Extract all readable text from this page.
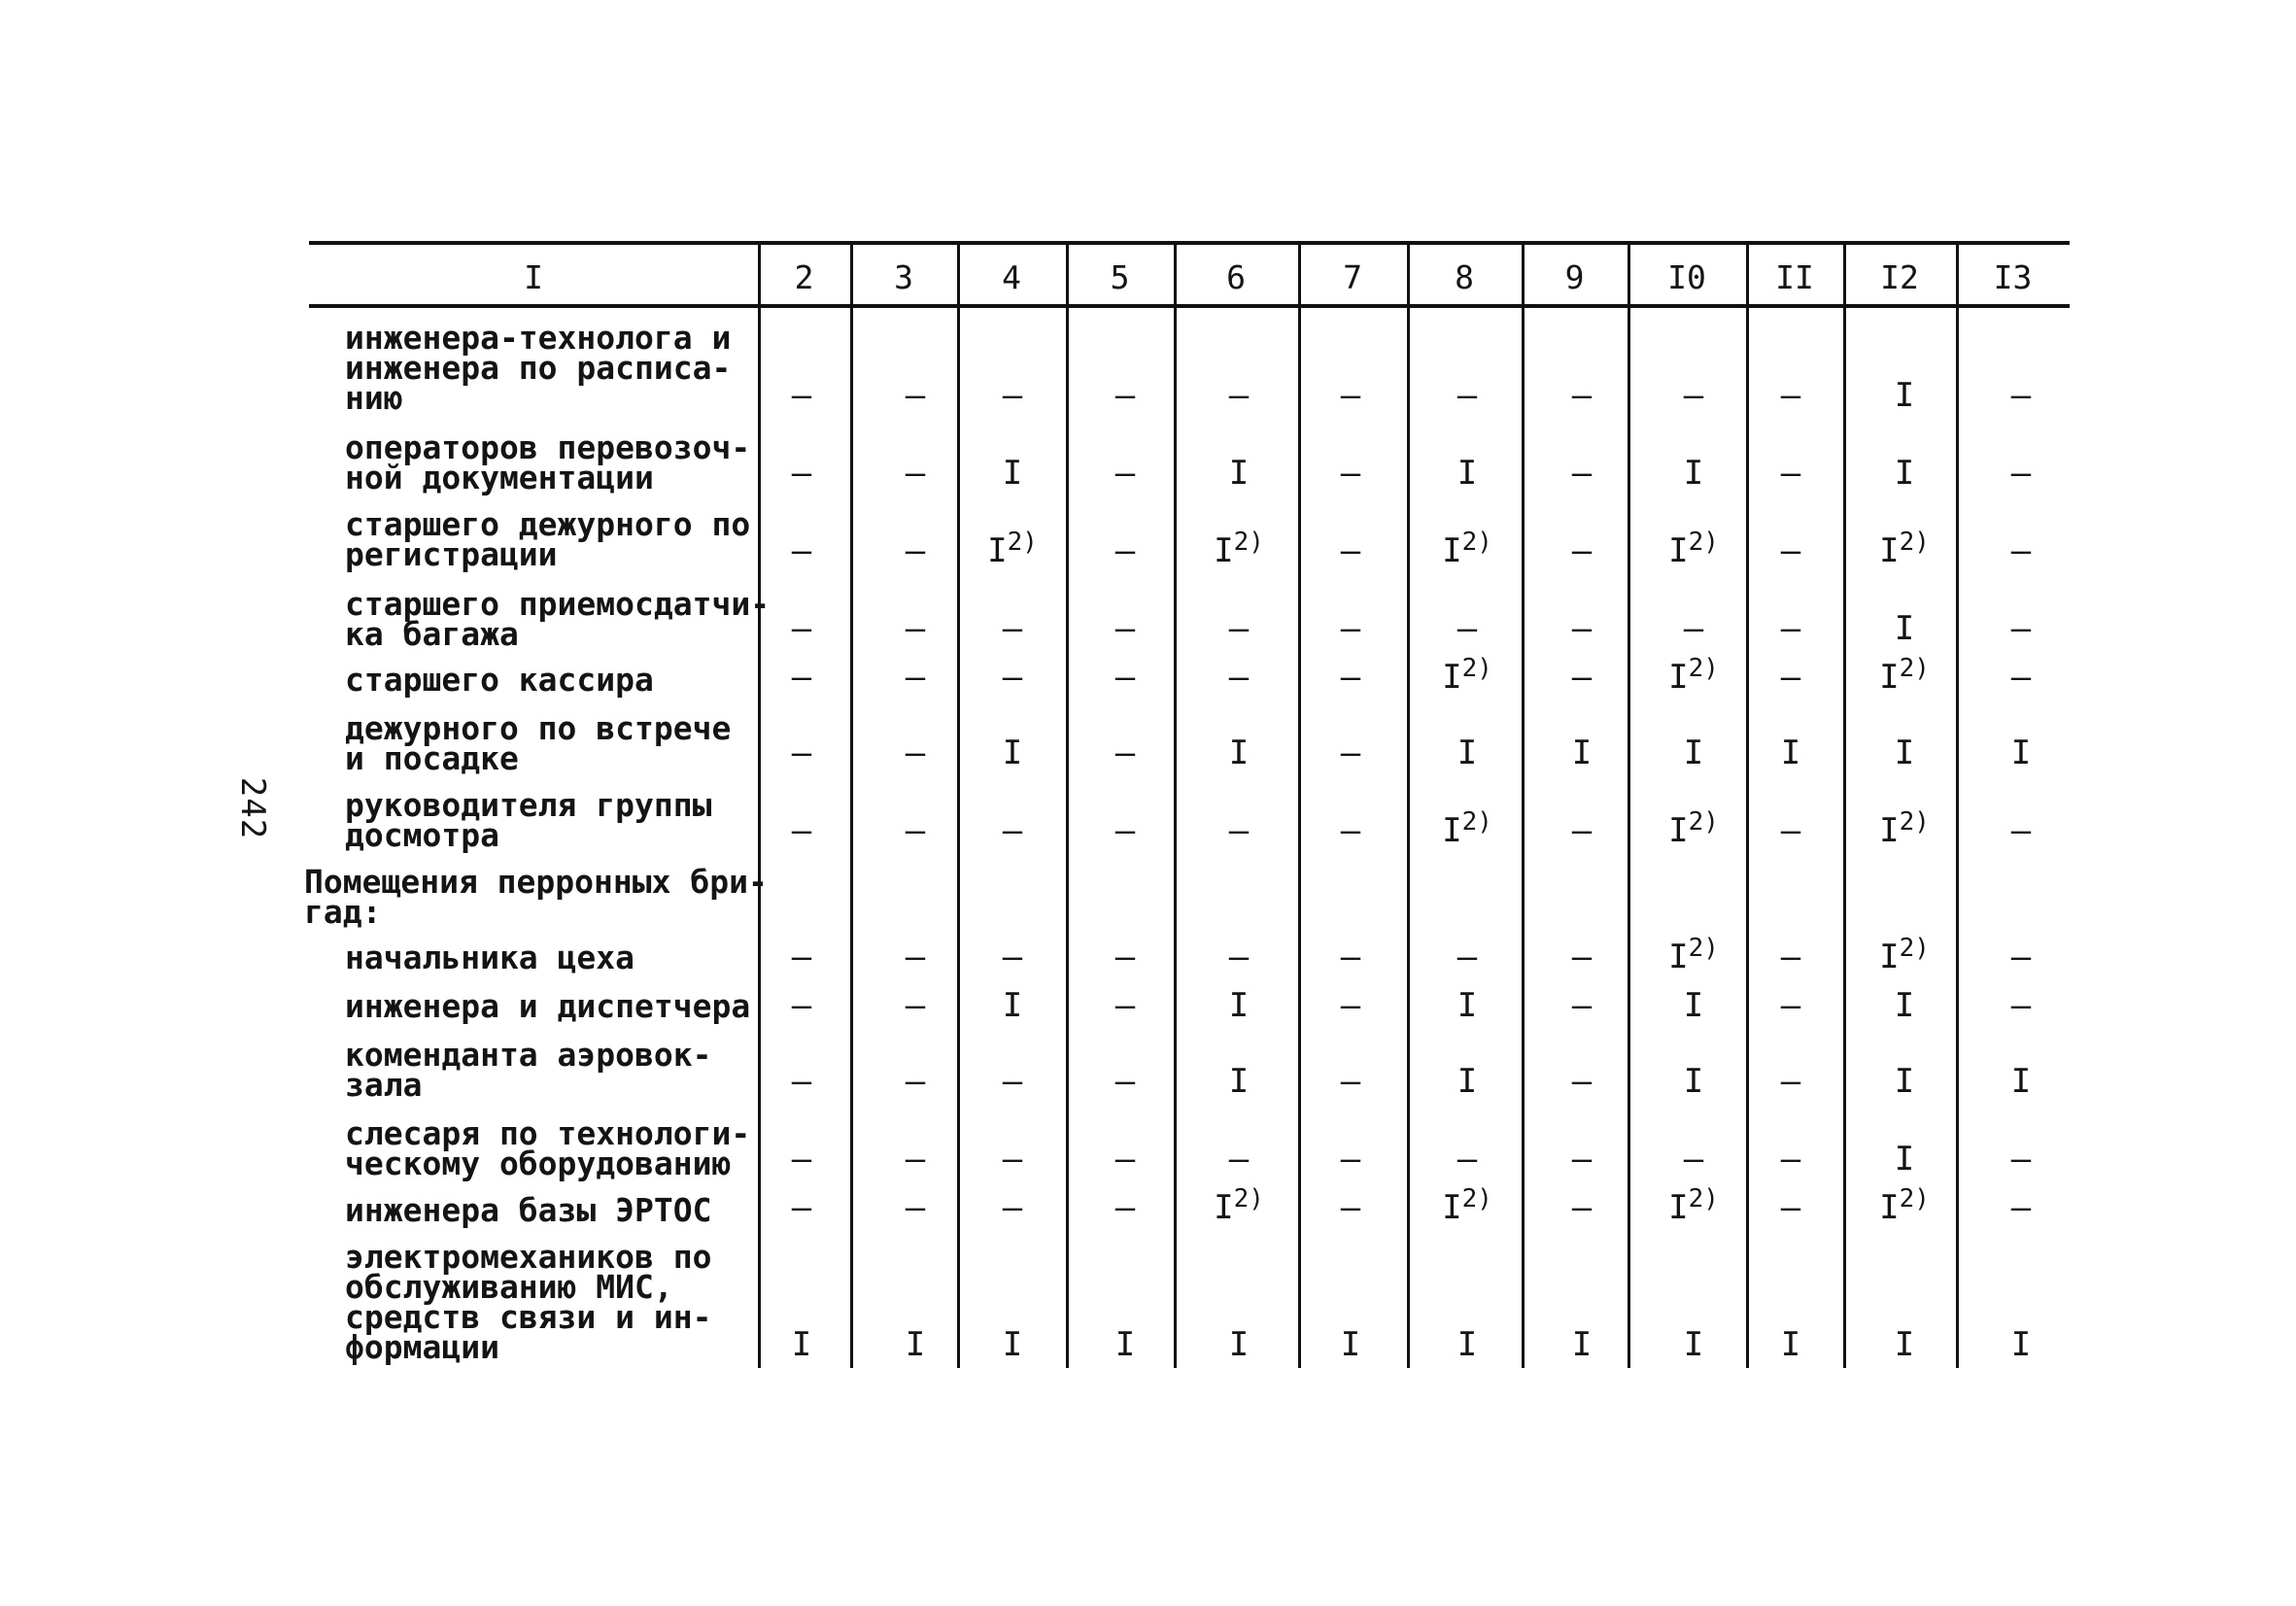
242
I	2	3	4	5	6	7	8	9	I0	II	I2	I3
инженера-технолога и
инженера по расписа-
нию	–	–	–	–	–	–	–	–	–	–	I	–
операторов перевозоч-
ной документации	–	–	I	–	I	–	I	–	I	–	I	–
старшего дежурного по
регистрации	–	–	$I^{2)}$	–	$I^{2)}$	–	$I^{2)}$	–	$I^{2)}$	–	$I^{2)}$	–
старшего приемосдатчи-
ка багажа	–	–	–	–	–	–	–	–	–	–	I	–
старшего кассира	–	–	–	–	–	–	$I^{2)}$	–	$I^{2)}$	–	$I^{2)}$	–
дежурного по встрече
и посадке	–	–	I	–	I	–	I	I	I	I	I	I
руководителя группы
досмотра	–	–	–	–	–	–	$I^{2)}$	–	$I^{2)}$	–	$I^{2)}$	–
Помещения перронных бри-
гад:
начальника цеха	–	–	–	–	–	–	–	–	$I^{2)}$	–	$I^{2)}$	–
инженера и диспетчера	–	–	I	–	I	–	I	–	I	–	I	–
коменданта аэровок-
зала	–	–	–	–	I	–	I	–	I	–	I	I
слесаря по технологи-
ческому оборудованию	–	–	–	–	–	–	–	–	–	–	I	–
инженера базы ЭРТОС	–	–	–	–	$I^{2)}$	–	$I^{2)}$	–	$I^{2)}$	–	$I^{2)}$	–
электромехаников по
обслуживанию МИС,
средств связи и ин-
формации	I	I	I	I	I	I	I	I	I	I	I	I
